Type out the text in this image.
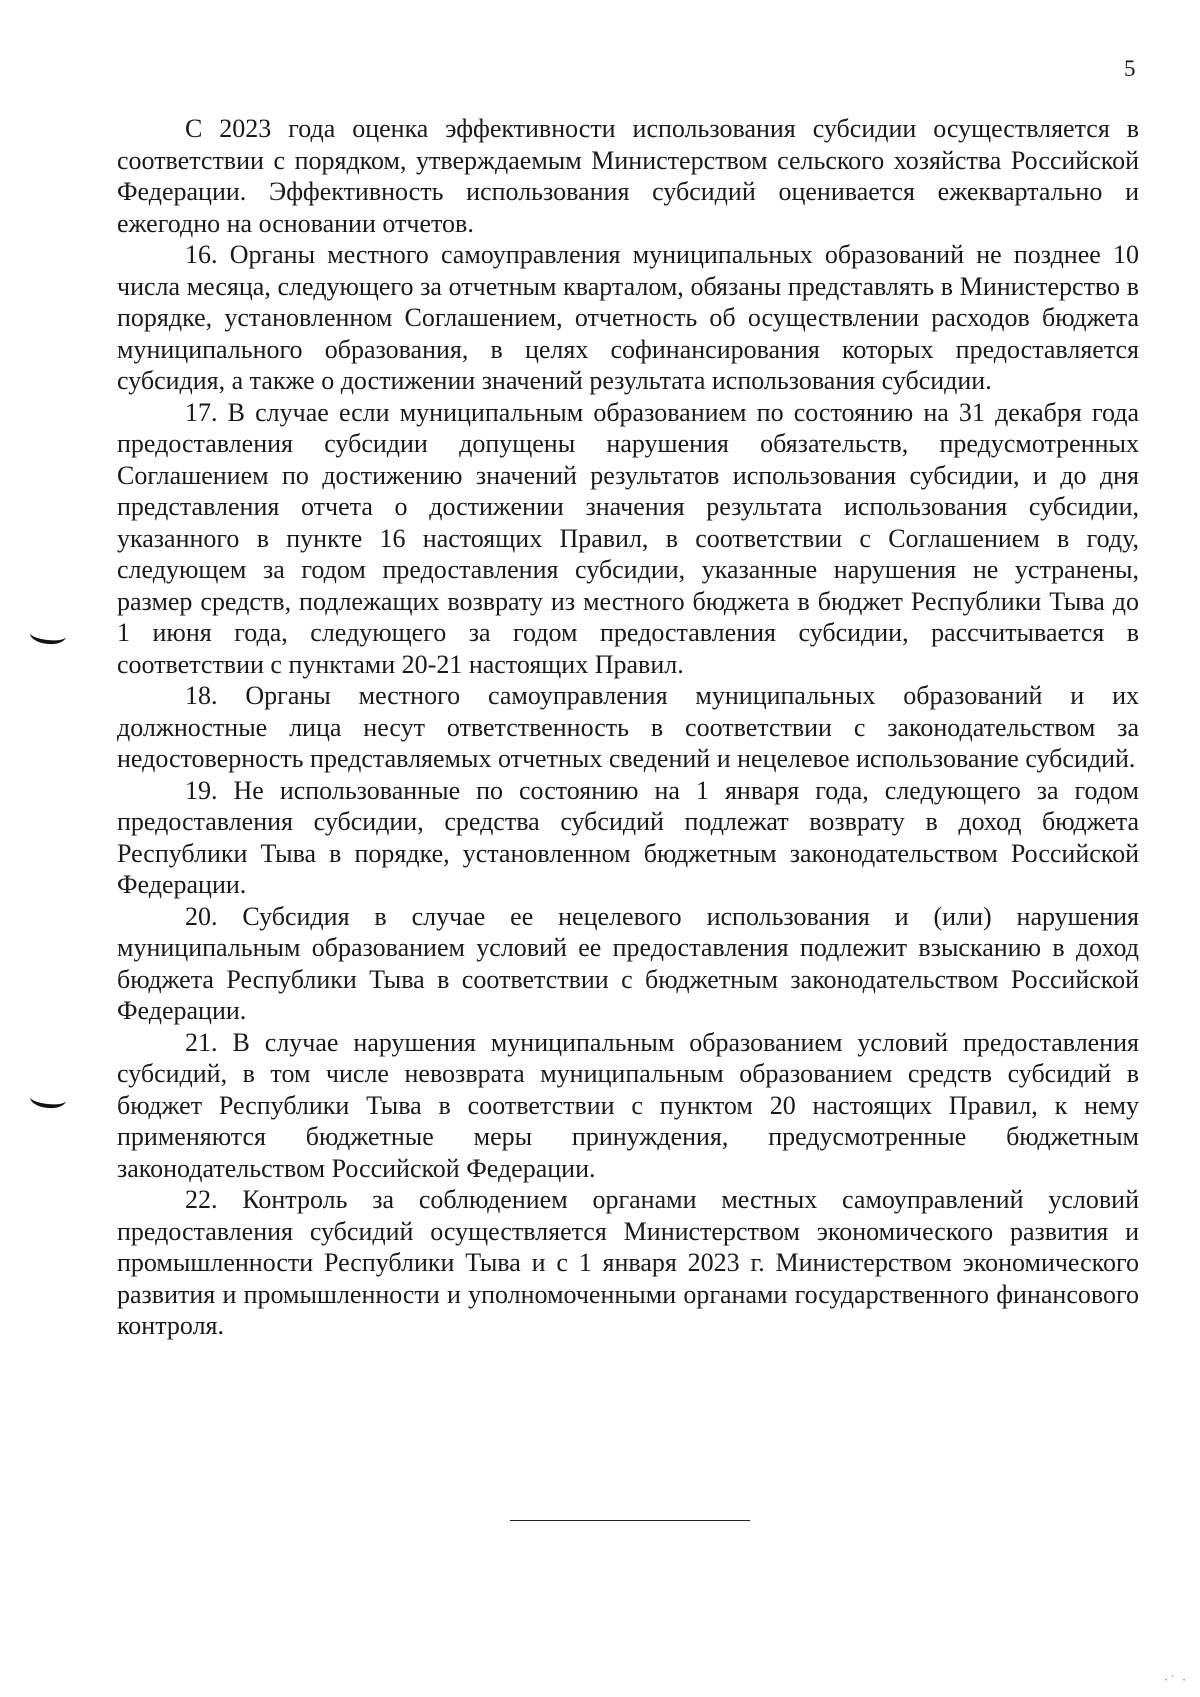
5

С 2023 года оценка эффективности использования субсидии осуществляется в соответствии с порядком, утверждаемым Министерством сельского хозяйства Российской Федерации. Эффективность использования субсидий оценивается ежеквартально и ежегодно на основании отчетов.

16. Органы местного самоуправления муниципальных образований не позднее 10 числа месяца, следующего за отчетным кварталом, обязаны представлять в Министерство в порядке, установленном Соглашением, отчетность об осуществлении расходов бюджета муниципального образования, в целях софинансирования которых предоставляется субсидия, а также о достижении значений результата использования субсидии.

17. В случае если муниципальным образованием по состоянию на 31 декабря года предоставления субсидии допущены нарушения обязательств, предусмотренных Соглашением по достижению значений результатов использования субсидии, и до дня представления отчета о достижении значения результата использования субсидии, указанного в пункте 16 настоящих Правил, в соответствии с Соглашением в году, следующем за годом предоставления субсидии, указанные нарушения не устранены, размер средств, подлежащих возврату из местного бюджета в бюджет Республики Тыва до 1 июня года, следующего за годом предоставления субсидии, рассчитывается в соответствии с пунктами 20-21 настоящих Правил.

18. Органы местного самоуправления муниципальных образований и их должностные лица несут ответственность в соответствии с законодательством за недостоверность представляемых отчетных сведений и нецелевое использование субсидий.

19. Не использованные по состоянию на 1 января года, следующего за годом предоставления субсидии, средства субсидий подлежат возврату в доход бюджета Республики Тыва в порядке, установленном бюджетным законодательством Российской Федерации.

20. Субсидия в случае ее нецелевого использования и (или) нарушения муниципальным образованием условий ее предоставления подлежит взысканию в доход бюджета Республики Тыва в соответствии с бюджетным законодательством Российской Федерации.

21. В случае нарушения муниципальным образованием условий предоставления субсидий, в том числе невозврата муниципальным образованием средств субсидий в бюджет Республики Тыва в соответствии с пунктом 20 настоящих Правил, к нему применяются бюджетные меры принуждения, предусмотренные бюджетным законодательством Российской Федерации.

22. Контроль за соблюдением органами местных самоуправлений условий предоставления субсидий осуществляется Министерством экономического развития и промышленности Республики Тыва и с 1 января 2023 г. Министерством экономического развития и промышленности и уполномоченными органами государственного финансового контроля.

·˙ ·
